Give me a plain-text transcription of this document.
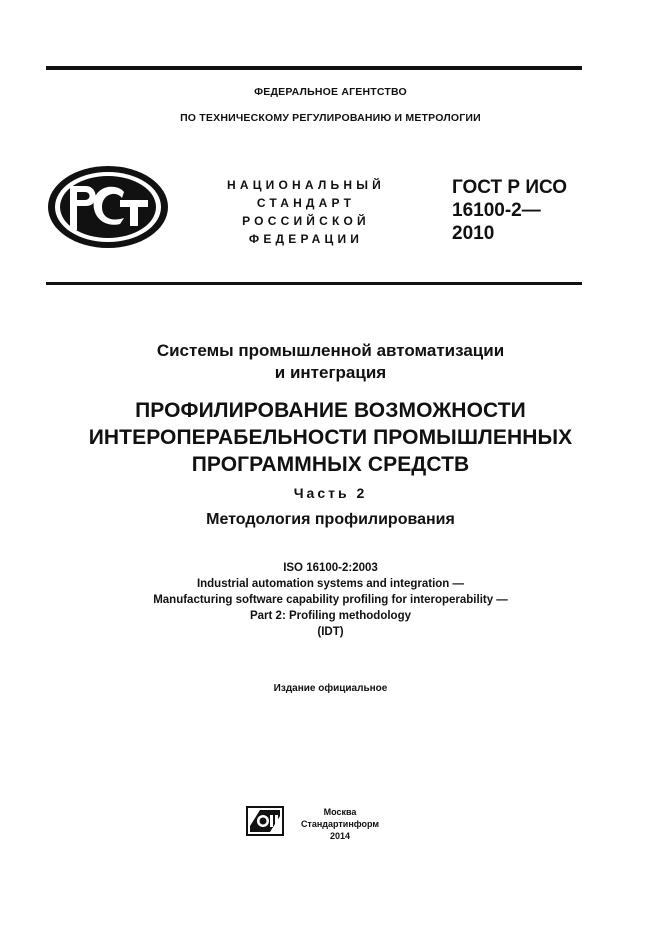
ФЕДЕРАЛЬНОЕ АГЕНТСТВО
ПО ТЕХНИЧЕСКОМУ РЕГУЛИРОВАНИЮ И МЕТРОЛОГИИ
НАЦИОНАЛЬНЫЙ
СТАНДАРТ
РОССИЙСКОЙ
ФЕДЕРАЦИИ
ГОСТ Р ИСО
16100-2—
2010
Системы промышленной автоматизации
и интеграция
ПРОФИЛИРОВАНИЕ ВОЗМОЖНОСТИ
ИНТЕРОПЕРАБЕЛЬНОСТИ ПРОМЫШЛЕННЫХ
ПРОГРАММНЫХ СРЕДСТВ
Часть 2
Методология профилирования
ISO 16100-2:2003
Industrial automation systems and integration —
Manufacturing software capability profiling for interoperability —
Part 2: Profiling methodology
(IDT)
Издание официальное
Москва
Стандартинформ
2014
